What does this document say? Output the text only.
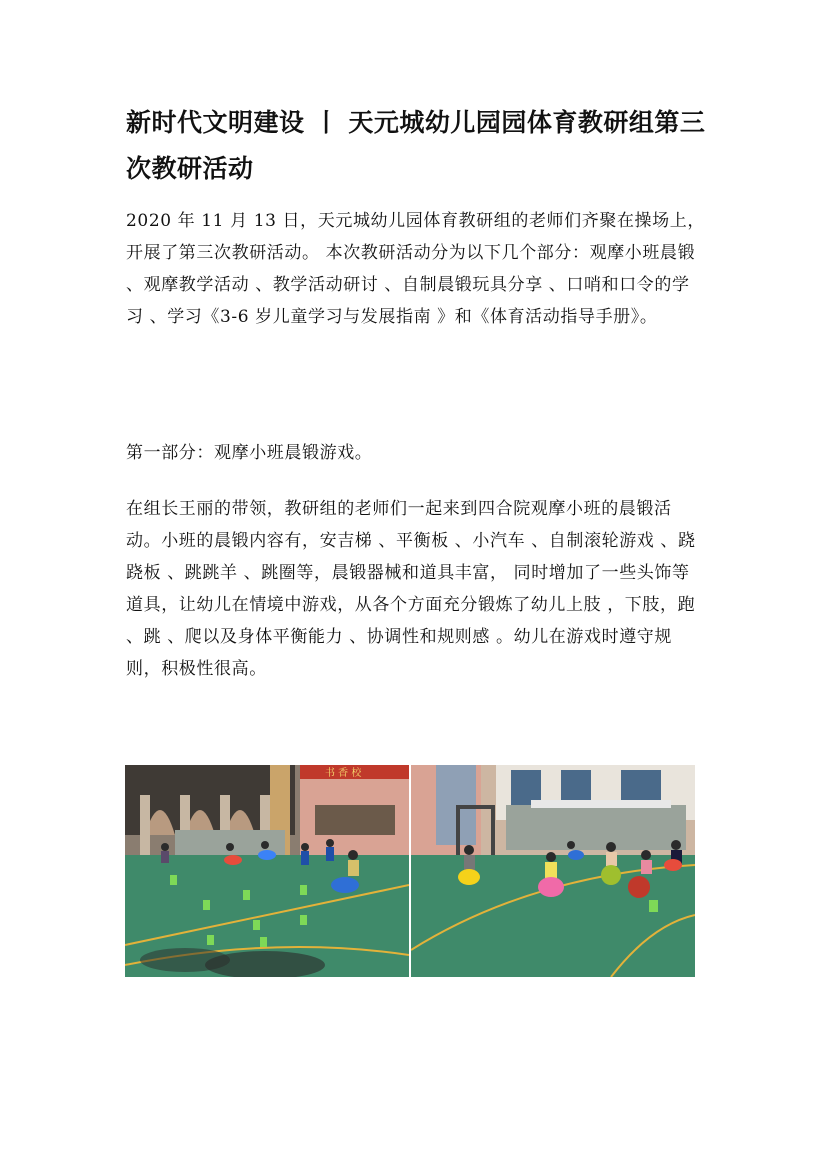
新时代文明建设 丨 天元城幼儿园园体育教研组第三次教研活动
2020 年 11 月 13 日，天元城幼儿园体育教研组的老师们齐聚在操场上，开展了第三次教研活动。 本次教研活动分为以下几个部分：观摩小班晨锻 、观摩教学活动 、教学活动研讨 、自制晨锻玩具分享 、口哨和口令的学习 、学习《3-6 岁儿童学习与发展指南 》和《体育活动指导手册》。
第一部分：观摩小班晨锻游戏。
在组长王丽的带领，教研组的老师们一起来到四合院观摩小班的晨锻活动。小班的晨锻内容有，安吉梯 、平衡板 、小汽车 、自制滚轮游戏 、跷跷板 、跳跳羊 、跳圈等，晨锻器械和道具丰富， 同时增加了一些头饰等道具，让幼儿在情境中游戏，从各个方面充分锻炼了幼儿上肢 ，下肢，跑 、跳 、爬以及身体平衡能力 、协调性和规则感 。幼儿在游戏时遵守规则，积极性很高。
书 香 校
